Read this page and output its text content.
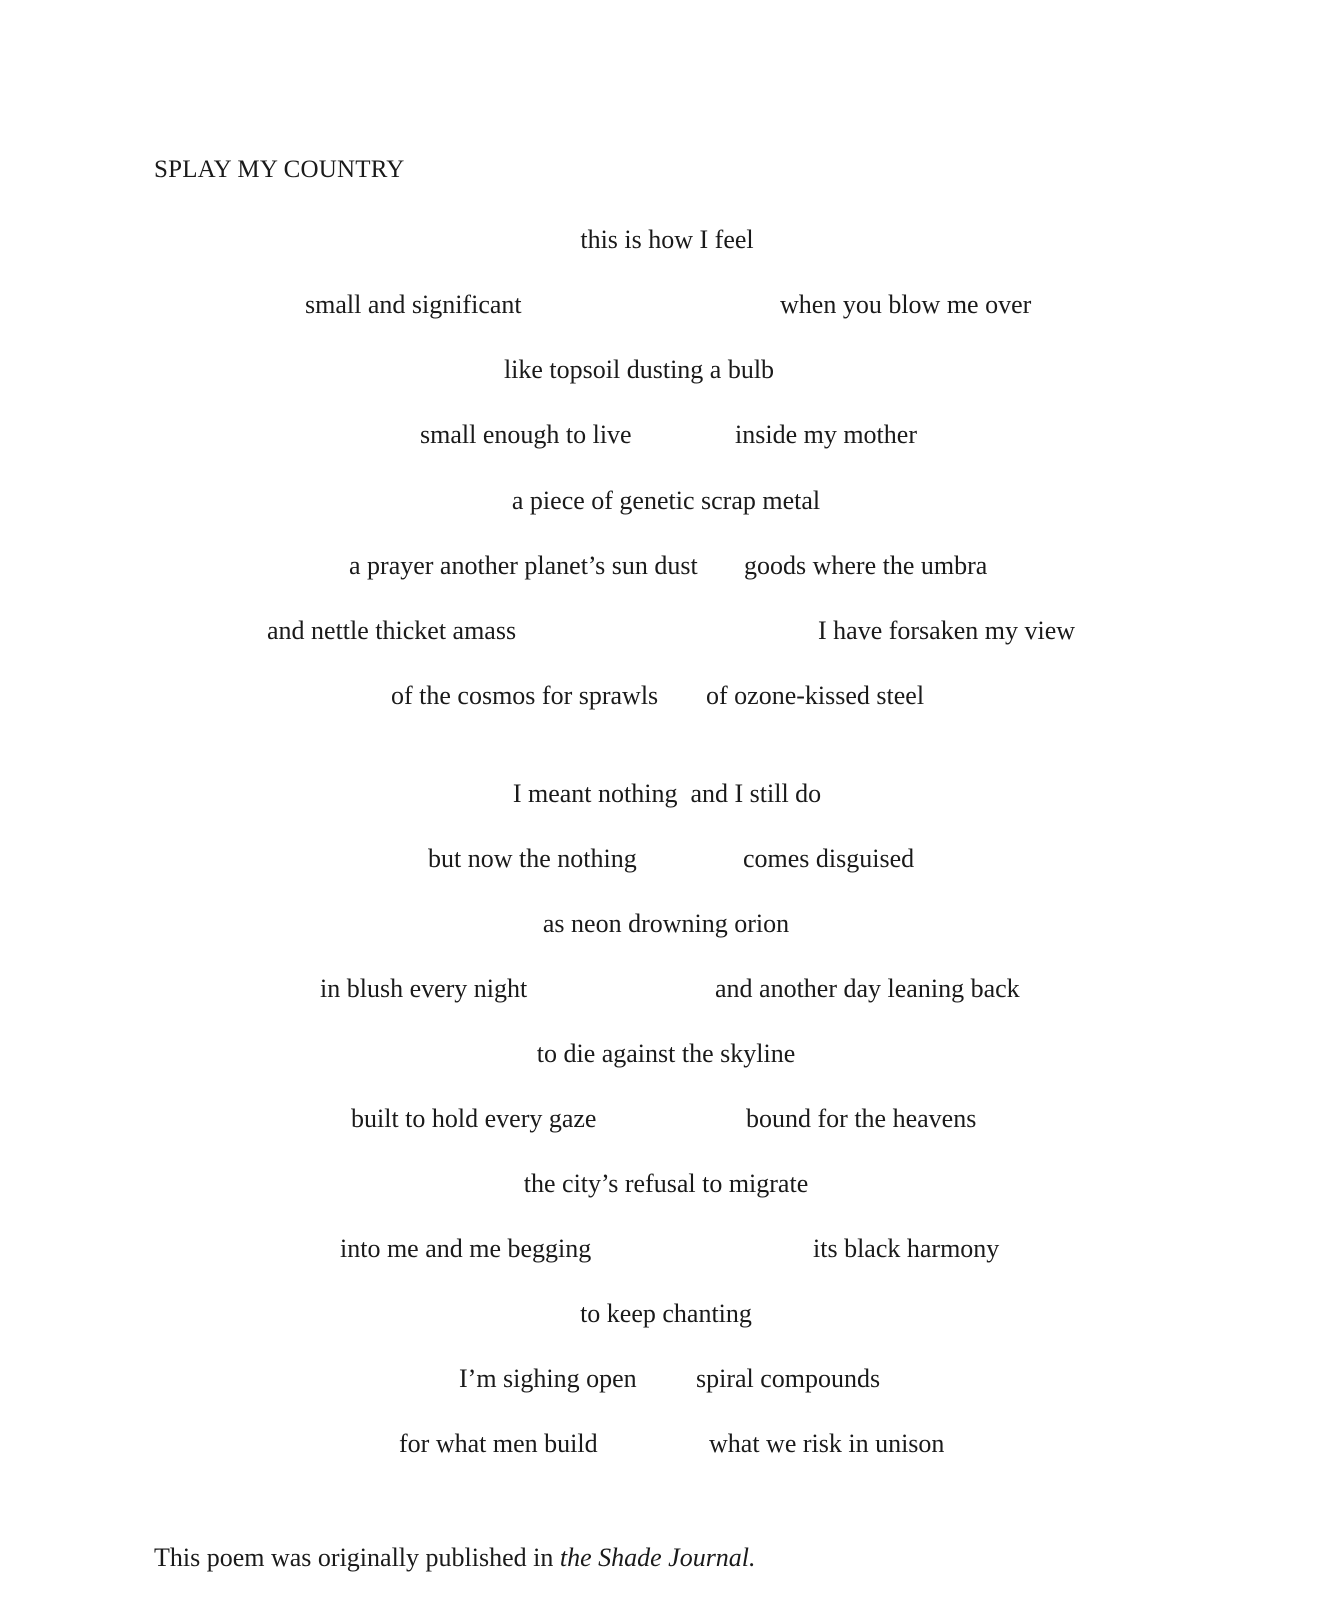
SPLAY MY COUNTRY
this is how I feel
small and significant	when you blow me over
like topsoil dusting a bulb
small enough to live	inside my mother
a piece of genetic scrap metal
a prayer another planet’s sun dust goods where the umbra
and nettle thicket amass	I have forsaken my view
of the cosmos for sprawls of ozone-kissed steel
I meant nothing  and I still do
but now the nothing	comes disguised
as neon drowning orion
in blush every night	and another day leaning back
to die against the skyline
built to hold every gaze	bound for the heavens
the city’s refusal to migrate
into me and me begging	its black harmony
to keep chanting
I’m sighing open spiral compounds
for what men build	what we risk in unison
This poem was originally published in the Shade Journal.
